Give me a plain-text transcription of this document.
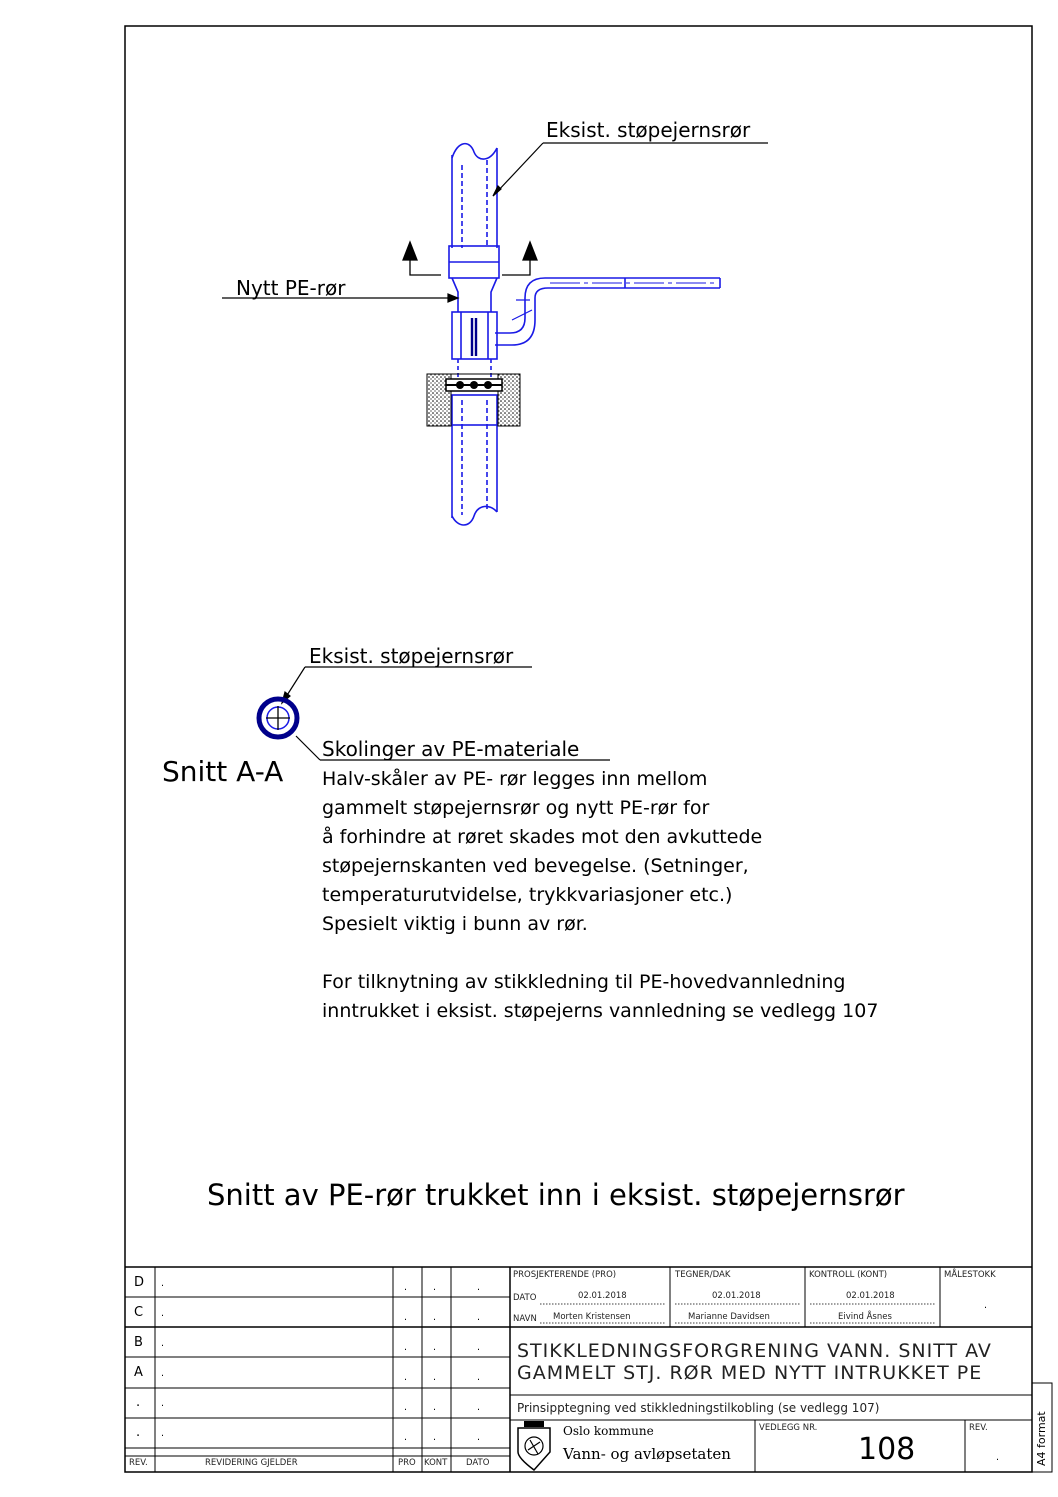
Eksist. støpejernsrør
Nytt PE-rør
Eksist. støpejernsrør
Skolinger av PE-materiale
Snitt A-A Halv-skåler av PE- rør legges inn mellom
gammelt støpejernsrør og nytt PE-rør for
å forhindre at røret skades mot den avkuttede
støpejernskanten ved bevegelse. (Setninger,
temperaturutvidelse, trykkvariasjoner etc.)
Spesielt viktig i bunn av rør.
For tilknytning av stikkledning til PE-hovedvannledning
inntrukket i eksist. støpejerns vannledning se vedlegg 107
Snitt av PE-rør trukket inn i eksist. støpejernsrør
D .	.	.	.
C .	.	.	.
B .	.	.	.
A .	.	.	.
. .	.	.	.
. .	.	.	.
REV.	REVIDERING GJELDER	PRO KONT DATO
PROSJEKTERENDE (PRO)	TEGNER/DAK	KONTROLL (KONT)	MÅLESTOKK
DATO
NAVN
02.01.2018	02.01.2018	02.01.2018
Morten Kristensen	Marianne Davidsen	Eivind Åsnes
.
STIKKLEDNINGSFORGRENING VANN. SNITT AV
GAMMELT STJ. RØR MED NYTT INTRUKKET PE
Prinsipptegning ved stikkledningstilkobling (se vedlegg 107)
Oslo kommune
Vann- og avløpsetaten
VEDLEGG NR.
108
REV.
.	A4 format
